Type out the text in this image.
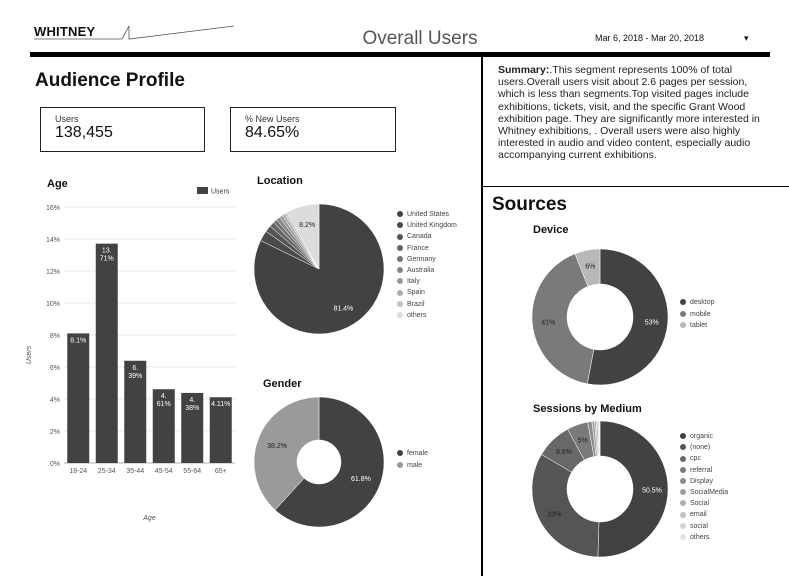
WHITNEY	Overall Users	Mar 6, 2018 - Mar 20, 2018	▾
Audience Profile
Users
138,455
% New Users
84.65%
Age
0%
2%
4%
6%
8%
10%
12%
14%
16%
8.1%
18-24
13. 71%
25-34
6. 39%
35-44
4. 61%
45-54
4. 38%
55-64
4.11%
65+
Age
Users
Users
Location
81.4%
8.2%
United States
United Kingdom
Canada
France
Germany
Australia
Italy
Spain
Brazil
others
Gender
61.8%
38.2%
female
male
Summary:.This segment represents 100% of total users.Overall users visit about 2.6 pages per session, which is less than segments.Top visited pages include exhibitions, tickets, visit, and the specific Grant Wood exhibition page. They are significantly more interested in Whitney exhibitions, . Overall users were also highly interested in audio and video content, especially audio accompanying current exhibitions.
Sources
Device
53%
41%
6%
desktop
mobile
tablet
Sessions by Medium
50.5%
33%
8.6%
5%
organic
(none)
cpc
referral
Display
SocialMedia
Social
email
social
others
